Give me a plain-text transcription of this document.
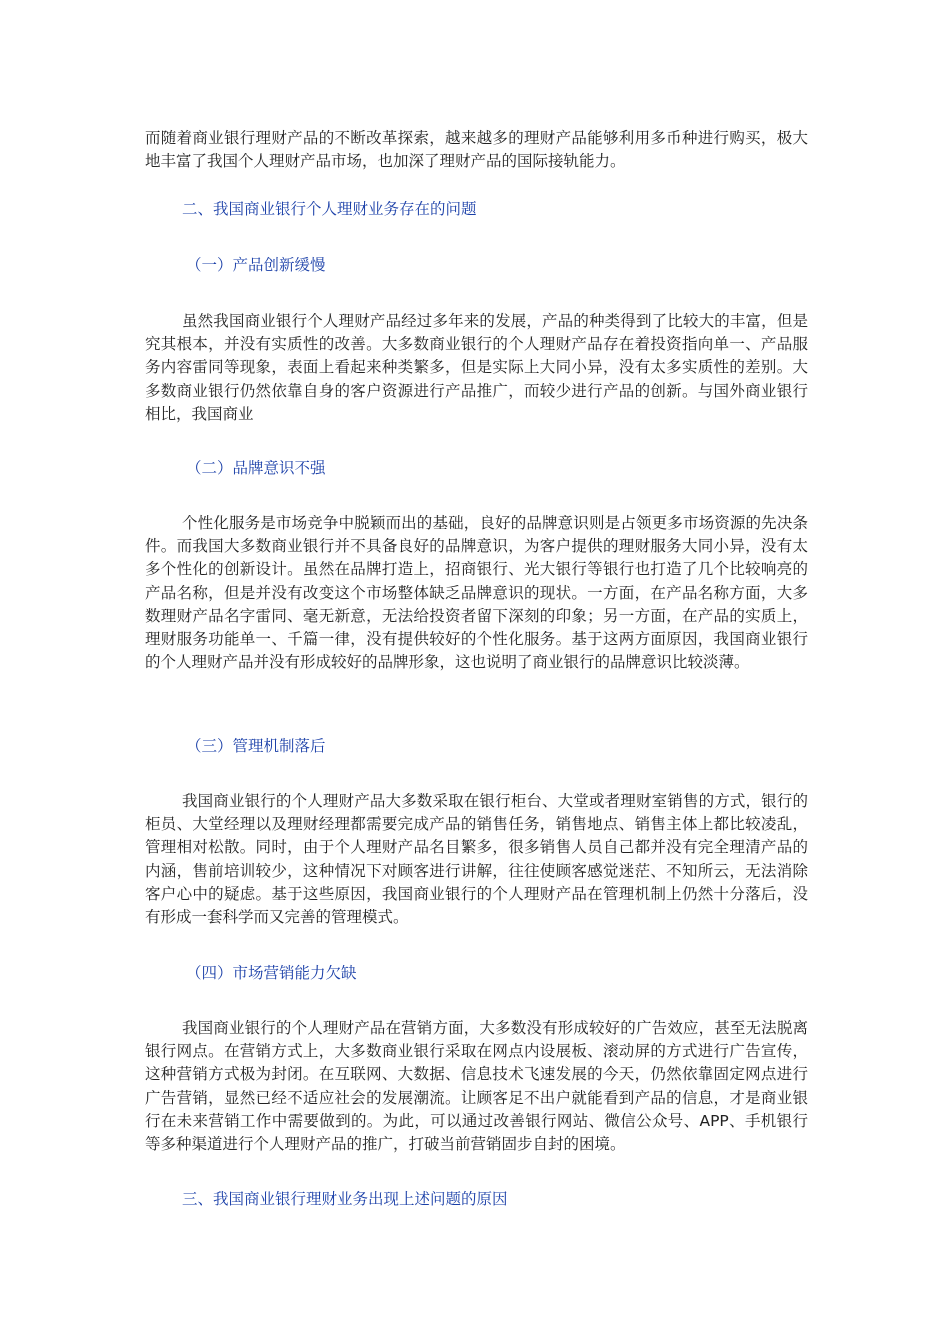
而随着商业银行理财产品的不断改革探索，越来越多的理财产品能够利用多币种进行购买，极大地丰富了我国个人理财产品市场，也加深了理财产品的国际接轨能力。

二、我国商业银行个人理财业务存在的问题
（一）产品创新缓慢

虽然我国商业银行个人理财产品经过多年来的发展，产品的种类得到了比较大的丰富，但是究其根本，并没有实质性的改善。大多数商业银行的个人理财产品存在着投资指向单一、产品服务内容雷同等现象，表面上看起来种类繁多，但是实际上大同小异，没有太多实质性的差别。大多数商业银行仍然依靠自身的客户资源进行产品推广，而较少进行产品的创新。与国外商业银行相比，我国商业

（二）品牌意识不强

个性化服务是市场竞争中脱颖而出的基础，良好的品牌意识则是占领更多市场资源的先决条件。而我国大多数商业银行并不具备良好的品牌意识，为客户提供的理财服务大同小异，没有太多个性化的创新设计。虽然在品牌打造上，招商银行、光大银行等银行也打造了几个比较响亮的产品名称，但是并没有改变这个市场整体缺乏品牌意识的现状。一方面，在产品名称方面，大多数理财产品名字雷同、毫无新意，无法给投资者留下深刻的印象；另一方面，在产品的实质上，理财服务功能单一、千篇一律，没有提供较好的个性化服务。基于这两方面原因，我国商业银行的个人理财产品并没有形成较好的品牌形象，这也说明了商业银行的品牌意识比较淡薄。

（三）管理机制落后

我国商业银行的个人理财产品大多数采取在银行柜台、大堂或者理财室销售的方式，银行的柜员、大堂经理以及理财经理都需要完成产品的销售任务，销售地点、销售主体上都比较凌乱，管理相对松散。同时，由于个人理财产品名目繁多，很多销售人员自己都并没有完全理清产品的内涵，售前培训较少，这种情况下对顾客进行讲解，往往使顾客感觉迷茫、不知所云，无法消除客户心中的疑虑。基于这些原因，我国商业银行的个人理财产品在管理机制上仍然十分落后，没有形成一套科学而又完善的管理模式。

（四）市场营销能力欠缺

我国商业银行的个人理财产品在营销方面，大多数没有形成较好的广告效应，甚至无法脱离银行网点。在营销方式上，大多数商业银行采取在网点内设展板、滚动屏的方式进行广告宣传，这种营销方式极为封闭。在互联网、大数据、信息技术飞速发展的今天，仍然依靠固定网点进行广告营销，显然已经不适应社会的发展潮流。让顾客足不出户就能看到产品的信息，才是商业银行在未来营销工作中需要做到的。为此，可以通过改善银行网站、微信公众号、APP、手机银行等多种渠道进行个人理财产品的推广，打破当前营销固步自封的困境。

三、我国商业银行理财业务出现上述问题的原因
